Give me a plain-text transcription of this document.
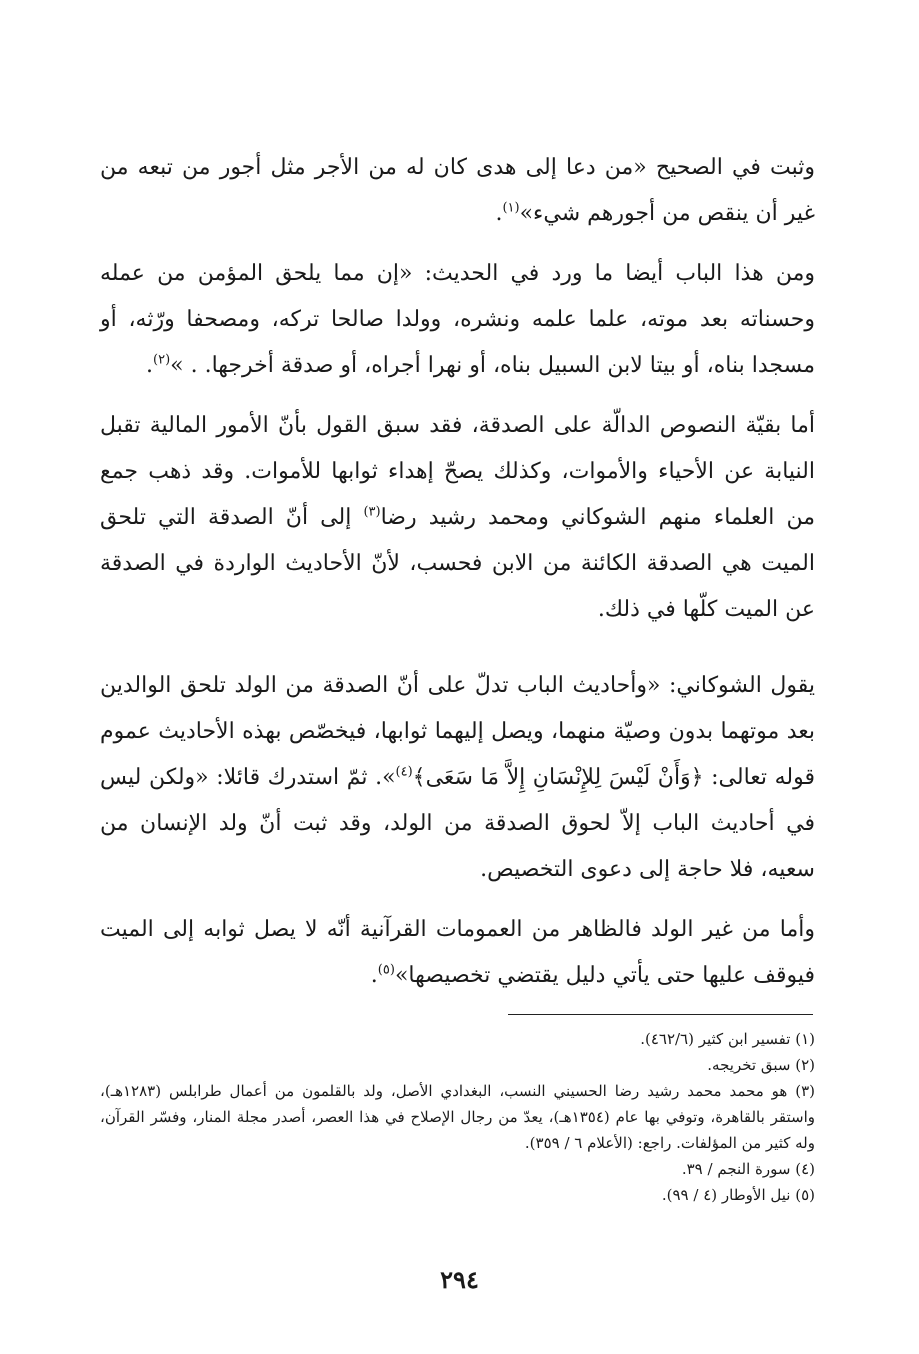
وثبت في الصحيح «من دعا إلى هدى كان له من الأجر مثل أجور من تبعه من غير أن ينقص من أجورهم شيء»$^{(١)}$.

ومن هذا الباب أيضا ما ورد في الحديث: «إن مما يلحق المؤمن من عمله وحسناته بعد موته، علما علمه ونشره، وولدا صالحا تركه، ومصحفا ورّثه، أو مسجدا بناه، أو بيتا لابن السبيل بناه، أو نهرا أجراه، أو صدقة أخرجها. . »$^{(٢)}$.

أما بقيّة النصوص الدالّة على الصدقة، فقد سبق القول بأنّ الأمور المالية تقبل النيابة عن الأحياء والأموات، وكذلك يصحّ إهداء ثوابها للأموات. وقد ذهب جمع من العلماء منهم الشوكاني ومحمد رشيد رضا$^{(٣)}$ إلى أنّ الصدقة التي تلحق الميت هي الصدقة الكائنة من الابن فحسب، لأنّ الأحاديث الواردة في الصدقة عن الميت كلّها في ذلك.

يقول الشوكاني: «وأحاديث الباب تدلّ على أنّ الصدقة من الولد تلحق الوالدين بعد موتهما بدون وصيّة منهما، ويصل إليهما ثوابها، فيخصّص بهذه الأحاديث عموم قوله تعالى: ﴿وَأَنْ لَيْسَ لِلإِنْسَانِ إِلاَّ مَا سَعَى﴾$^{(٤)}$». ثمّ استدرك قائلا: «ولكن ليس في أحاديث الباب إلاّ لحوق الصدقة من الولد، وقد ثبت أنّ ولد الإنسان من سعيه، فلا حاجة إلى دعوى التخصيص.

وأما من غير الولد فالظاهر من العمومات القرآنية أنّه لا يصل ثوابه إلى الميت فيوقف عليها حتى يأتي دليل يقتضي تخصيصها»$^{(٥)}$.

(١) تفسير ابن كثير (٤٦٢/٦).

(٢) سبق تخريجه.

(٣) هو محمد محمد رشيد رضا الحسيني النسب، البغدادي الأصل، ولد بالقلمون من أعمال طرابلس (١٢٨٣هـ)، واستقر بالقاهرة، وتوفي بها عام (١٣٥٤هـ)، يعدّ من رجال الإصلاح في هذا العصر، أصدر مجلة المنار، وفسّر القرآن، وله كثير من المؤلفات. راجع: (الأعلام ٦ / ٣٥٩).

(٤) سورة النجم / ٣٩.

(٥) نيل الأوطار (٤ / ٩٩).

٢٩٤
